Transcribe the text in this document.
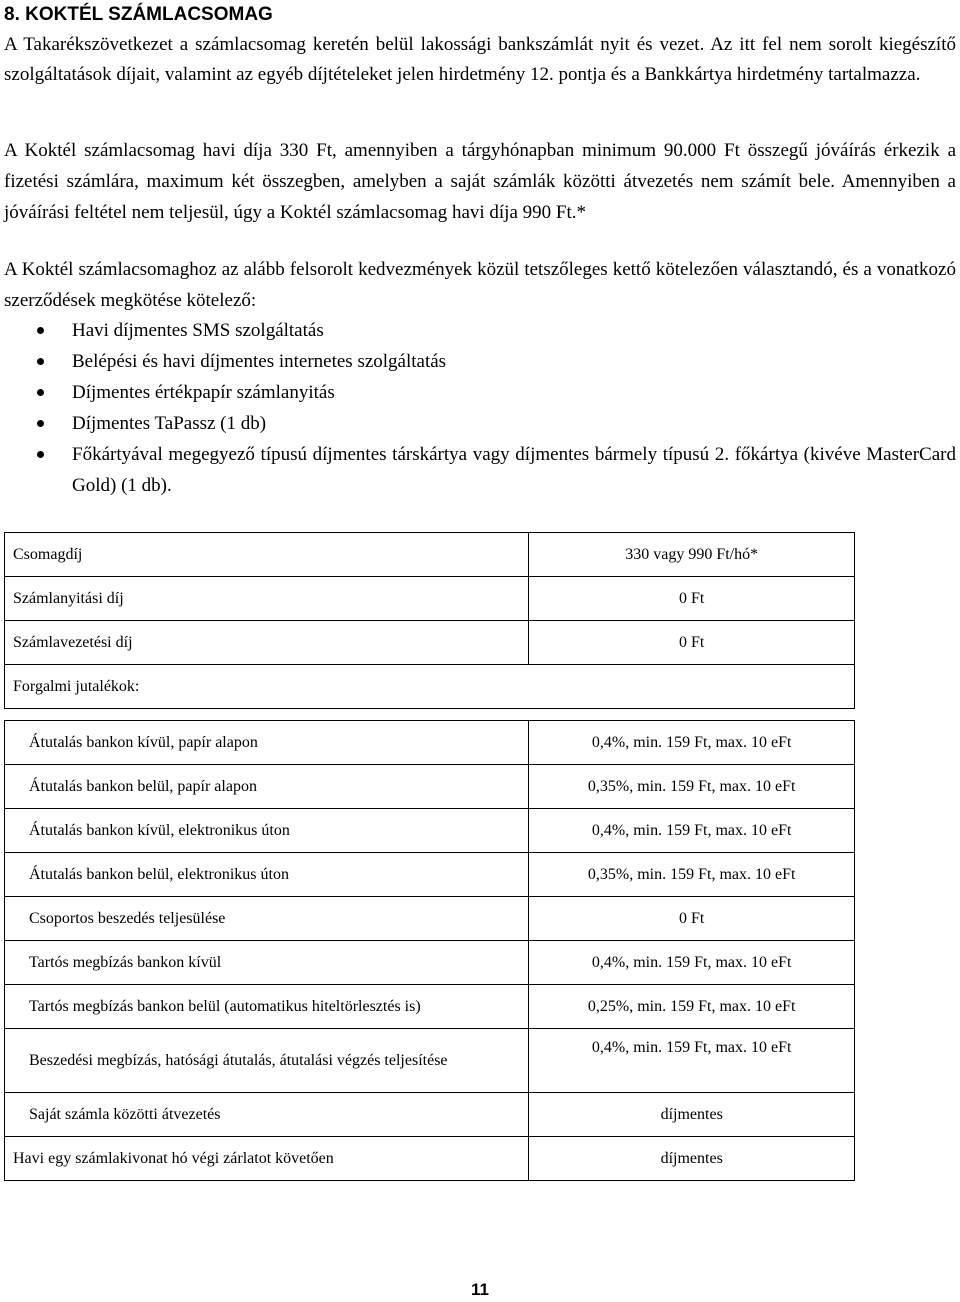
8. KOKTÉL SZÁMLACSOMAG

A Takarékszövetkezet a számlacsomag keretén belül lakossági bankszámlát nyit és vezet. Az itt fel nem sorolt kiegészítő szolgáltatások díjait, valamint az egyéb díjtételeket jelen hirdetmény 12. pontja és a Bankkártya hirdetmény tartalmazza.

A Koktél számlacsomag havi díja 330 Ft, amennyiben a tárgyhónapban minimum 90.000 Ft összegű jóváírás érkezik a fizetési számlára, maximum két összegben, amelyben a saját számlák közötti átvezetés nem számít bele. Amennyiben a jóváírási feltétel nem teljesül, úgy a Koktél számlacsomag havi díja 990 Ft.*

A Koktél számlacsomaghoz az alább felsorolt kedvezmények közül tetszőleges kettő kötelezően választandó, és a vonatkozó szerződések megkötése kötelező:

Havi díjmentes SMS szolgáltatás
Belépési és havi díjmentes internetes szolgáltatás
Díjmentes értékpapír számlanyitás
Díjmentes TaPassz (1 db)
Főkártyával megegyező típusú díjmentes társkártya vagy díjmentes bármely típusú 2. főkártya (kivéve MasterCard Gold) (1 db).
Csomagdíj	330 vagy 990 Ft/hó*
Számlanyitási díj	0 Ft
Számlavezetési díj	0 Ft
Forgalmi jutalékok:	

Átutalás bankon kívül, papír alapon	0,4%, min. 159 Ft, max. 10 eFt
Átutalás bankon belül, papír alapon	0,35%, min. 159 Ft, max. 10 eFt
Átutalás bankon kívül, elektronikus úton	0,4%, min. 159 Ft, max. 10 eFt
Átutalás bankon belül, elektronikus úton	0,35%, min. 159 Ft, max. 10 eFt
Csoportos beszedés teljesülése	0 Ft
Tartós megbízás bankon kívül	0,4%, min. 159 Ft, max. 10 eFt
Tartós megbízás bankon belül (automatikus hiteltörlesztés is)	0,25%, min. 159 Ft, max. 10 eFt
Beszedési megbízás, hatósági átutalás, átutalási végzés teljesítése	0,4%, min. 159 Ft, max. 10 eFt
Saját számla közötti átvezetés	díjmentes
Havi egy számlakivonat hó végi zárlatot követően	díjmentes

11
